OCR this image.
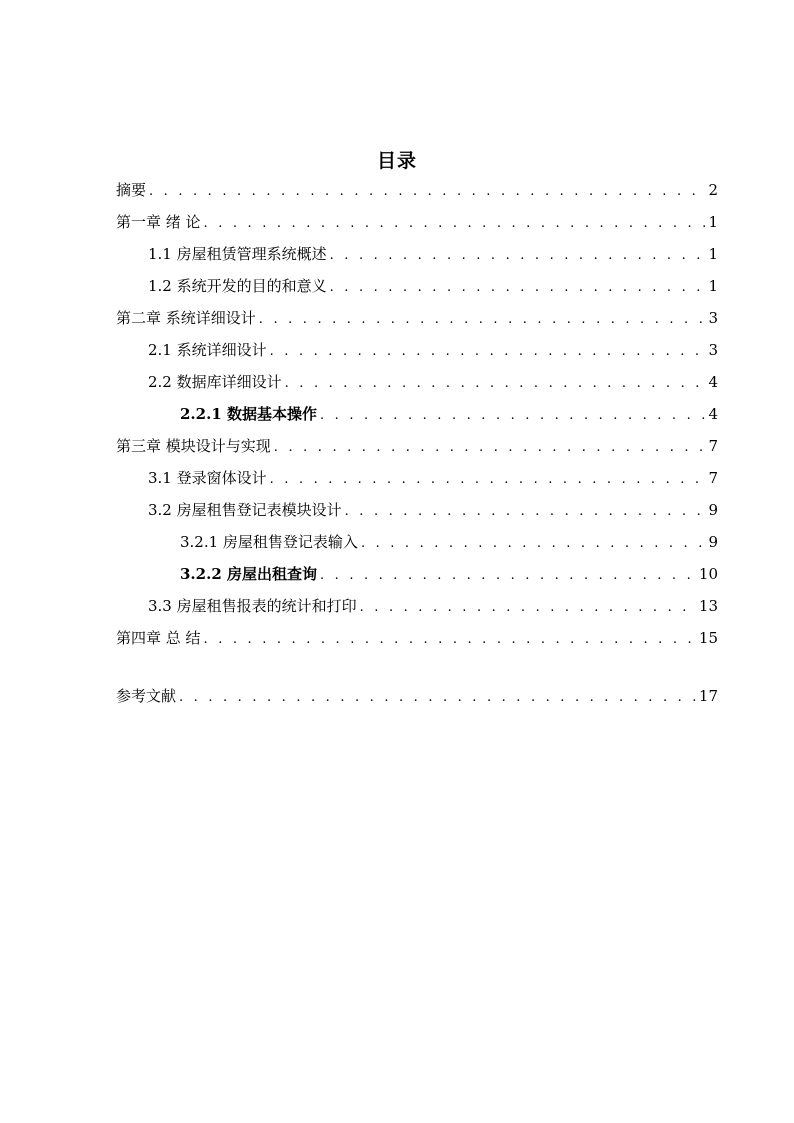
目录
摘要 . . .	2
第一章 绪 论 . . .	1
1.1 房屋租赁管理系统概述 . . .	1
1.2 系统开发的目的和意义 . . .	1
第二章 系统详细设计 . . .	3
2.1 系统详细设计 . . .	3
2.2 数据库详细设计 . . .	4
2.2.1 数据基本操作 . . .	4
第三章 模块设计与实现 . . .	7
3.1 登录窗体设计 . . .	7
3.2 房屋租售登记表模块设计 . . .	9
3.2.1 房屋租售登记表输入 . . .	9
3.2.2 房屋出租查询 . . .	10
3.3 房屋租售报表的统计和打印 . . .	13
第四章 总 结 . . .	15
参考文献 . . .	17
